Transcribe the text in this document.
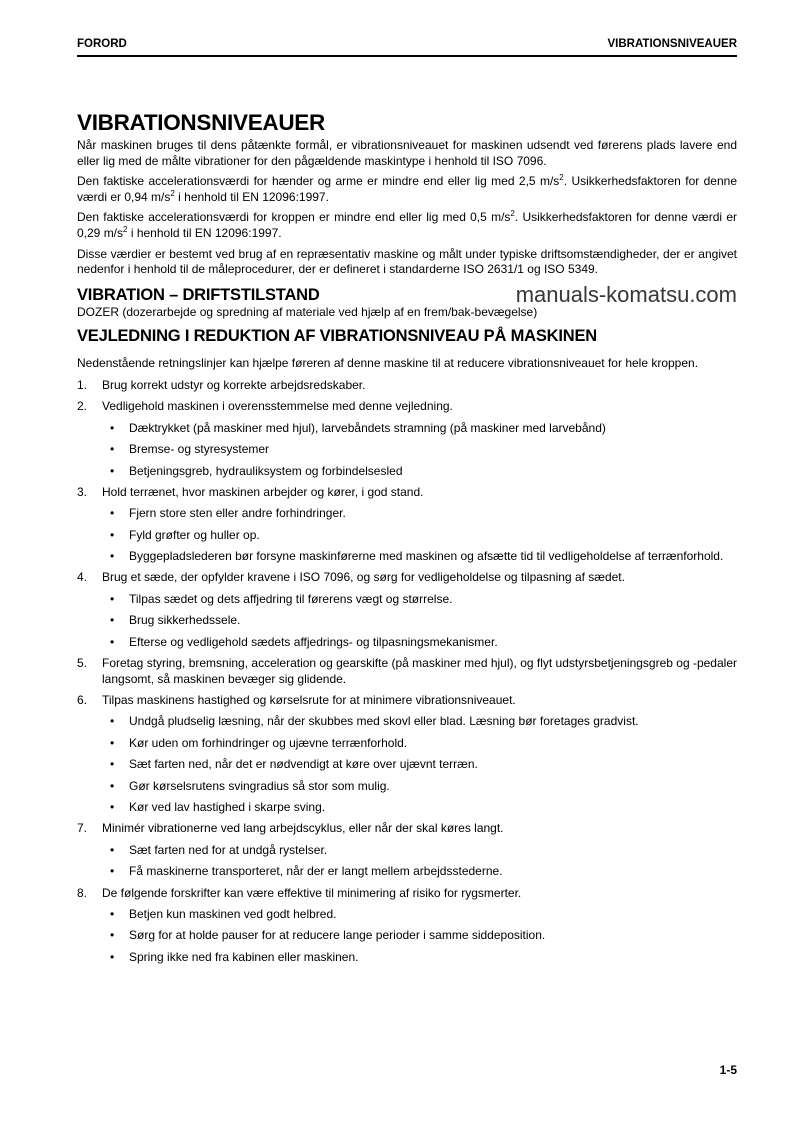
FORORD	VIBRATIONSNIVEAUER
VIBRATIONSNIVEAUER

Når maskinen bruges til dens påtænkte formål, er vibrationsniveauet for maskinen udsendt ved førerens plads lavere end eller lig med de målte vibrationer for den pågældende maskintype i henhold til ISO 7096.

Den faktiske accelerationsværdi for hænder og arme er mindre end eller lig med 2,5 $m/s^2$. Usikkerhedsfaktoren for denne værdi er 0,94 $m/s^2$ i henhold til EN 12096:1997.

Den faktiske accelerationsværdi for kroppen er mindre end eller lig med 0,5 $m/s^2$. Usikkerhedsfaktoren for denne værdi er 0,29 $m/s^2$ i henhold til EN 12096:1997.

Disse værdier er bestemt ved brug af en repræsentativ maskine og målt under typiske driftsomstændigheder, der er angivet nedenfor i henhold til de måleprocedurer, der er defineret i standarderne ISO 2631/1 og ISO 5349.

VIBRATION – DRIFTSTILSTAND	manuals-komatsu.com

DOZER (dozerarbejde og spredning af materiale ved hjælp af en frem/bak-bevægelse)

VEJLEDNING I REDUKTION AF VIBRATIONSNIVEAU PÅ MASKINEN

Nedenstående retningslinjer kan hjælpe føreren af denne maskine til at reducere vibrationsniveauet for hele kroppen.

1. Brug korrekt udstyr og korrekte arbejdsredskaber.
2. Vedligehold maskinen i overensstemmelse med denne vejledning.
• Dæktrykket (på maskiner med hjul), larvebåndets stramning (på maskiner med larvebånd)
• Bremse- og styresystemer
• Betjeningsgreb, hydrauliksystem og forbindelsesled
3. Hold terrænet, hvor maskinen arbejder og kører, i god stand.
• Fjern store sten eller andre forhindringer.
• Fyld grøfter og huller op.
• Byggepladslederen bør forsyne maskinførerne med maskinen og afsætte tid til vedligeholdelse af terrænforhold.
4. Brug et sæde, der opfylder kravene i ISO 7096, og sørg for vedligeholdelse og tilpasning af sædet.
• Tilpas sædet og dets affjedring til førerens vægt og størrelse.
• Brug sikkerhedssele.
• Efterse og vedligehold sædets affjedrings- og tilpasningsmekanismer.
5. Foretag styring, bremsning, acceleration og gearskifte (på maskiner med hjul), og flyt udstyrsbetjeningsgreb og -pedaler langsomt, så maskinen bevæger sig glidende.
6. Tilpas maskinens hastighed og kørselsrute for at minimere vibrationsniveauet.
• Undgå pludselig læsning, når der skubbes med skovl eller blad. Læsning bør foretages gradvist.
• Kør uden om forhindringer og ujævne terrænforhold.
• Sæt farten ned, når det er nødvendigt at køre over ujævnt terræn.
• Gør kørselsrutens svingradius så stor som mulig.
• Kør ved lav hastighed i skarpe sving.
7. Minimér vibrationerne ved lang arbejdscyklus, eller når der skal køres langt.
• Sæt farten ned for at undgå rystelser.
• Få maskinerne transporteret, når der er langt mellem arbejdsstederne.
8. De følgende forskrifter kan være effektive til minimering af risiko for rygsmerter.
• Betjen kun maskinen ved godt helbred.
• Sørg for at holde pauser for at reducere lange perioder i samme siddeposition.
• Spring ikke ned fra kabinen eller maskinen.
1-5
